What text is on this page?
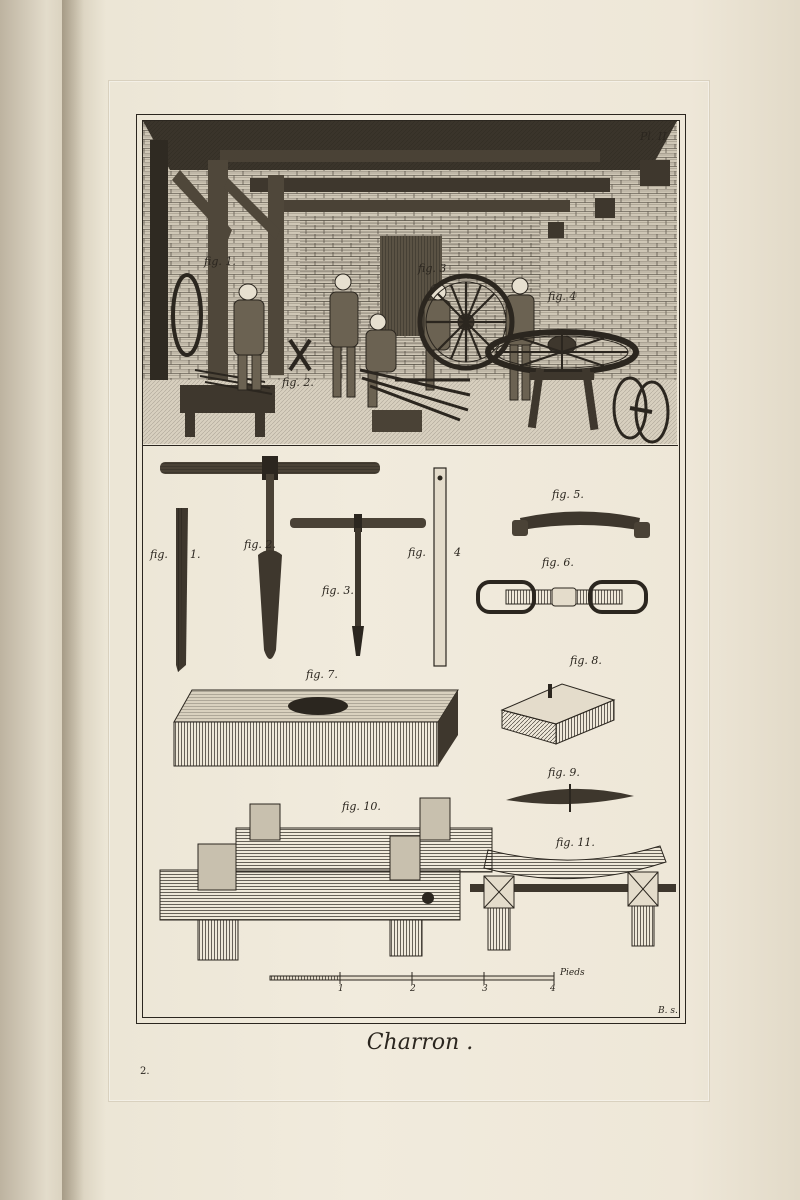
Pl. II
fig. 1.
fig. 2.
fig. 3
fig. 4
fig. 1.
fig. 2.
fig. 3.
fig.	4
fig. 5.
fig. 6.
fig. 7.
fig. 8.
fig. 9.
fig. 10.
fig. 11.
Pieds
1	2	3	4
B. s.
Charron .
2.
